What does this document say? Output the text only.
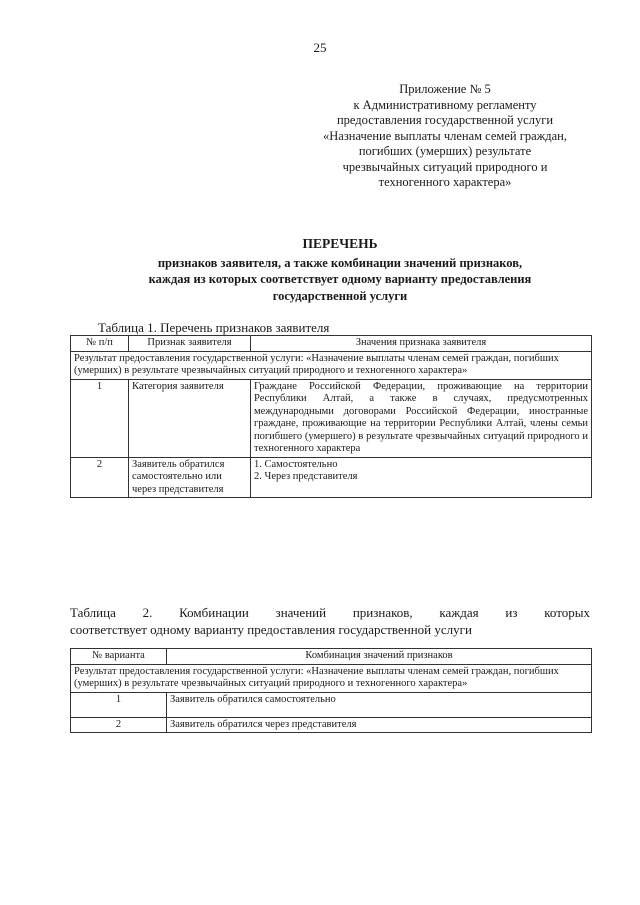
25
Приложение № 5
к Административному регламенту
предоставления государственной услуги
«Назначение выплаты членам семей граждан,
погибших (умерших) результате
чрезвычайных ситуаций природного и
техногенного характера»
ПЕРЕЧЕНЬ
признаков заявителя, а также комбинации значений признаков,
каждая из которых соответствует одному варианту предоставления
государственной услуги
Таблица 1. Перечень признаков заявителя
№ п/п	Признак заявителя	Значения признака заявителя
Результат предоставления государственной услуги: «Назначение выплаты членам семей граждан, погибших (умерших) в результате чрезвычайных ситуаций природного и техногенного характера»		
1	Категория заявителя	Граждане Российской Федерации, проживающие на территории Республики Алтай, а также в случаях, предусмотренных международными договорами Российской Федерации, иностранные граждане, проживающие на территории Республики Алтай, члены семьи погибшего (умершего) в результате чрезвычайных ситуаций природного и техногенного характера
2	Заявитель обратился самостоятельно или через представителя	1. Самостоятельно
2. Через представителя
Таблица 2. Комбинации значений признаков, каждая из которых
соответствует одному варианту предоставления государственной услуги
№ варианта	Комбинация значений признаков
Результат предоставления государственной услуги: «Назначение выплаты членам семей граждан, погибших (умерших) в результате чрезвычайных ситуаций природного и техногенного характера»	
1	Заявитель обратился самостоятельно
2	Заявитель обратился через представителя
